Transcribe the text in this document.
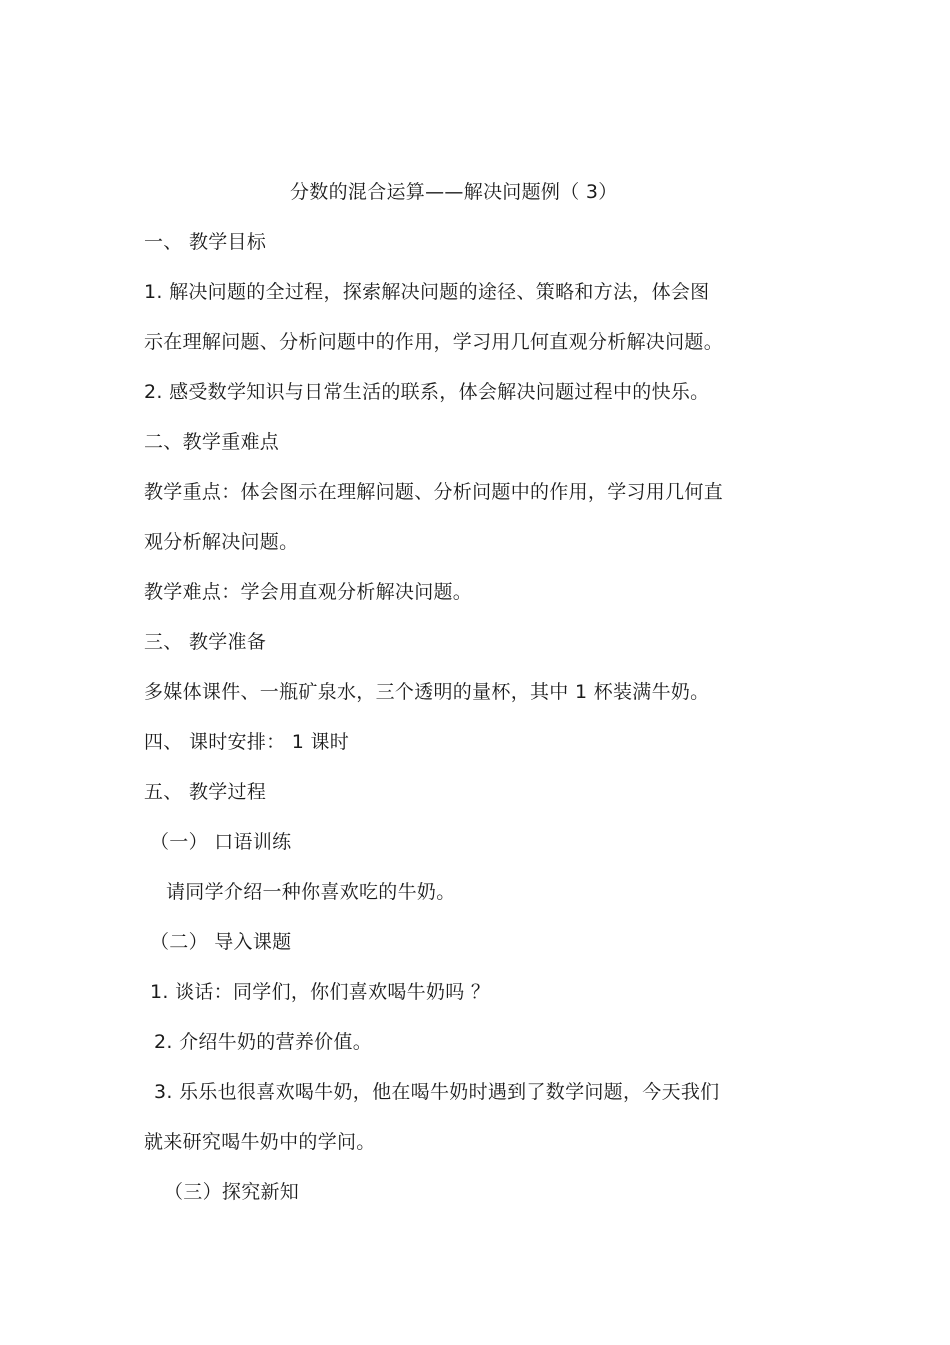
分数的混合运算——解决问题例（ 3）
一、 教学目标
1. 解决问题的全过程，探索解决问题的途径、策略和方法，体会图
示在理解问题、分析问题中的作用，学习用几何直观分析解决问题。
2. 感受数学知识与日常生活的联系，体会解决问题过程中的快乐。
二、教学重难点
教学重点：体会图示在理解问题、分析问题中的作用，学习用几何直
观分析解决问题。
教学难点：学会用直观分析解决问题。
三、 教学准备
多媒体课件、一瓶矿泉水，三个透明的量杯，其中 1 杯装满牛奶。
四、 课时安排： 1 课时
五、 教学过程
（一） 口语训练
请同学介绍一种你喜欢吃的牛奶。
（二） 导入课题
1. 谈话：同学们，你们喜欢喝牛奶吗 ？
2. 介绍牛奶的营养价值。
3. 乐乐也很喜欢喝牛奶，他在喝牛奶时遇到了数学问题，今天我们
就来研究喝牛奶中的学问。
（三）探究新知
